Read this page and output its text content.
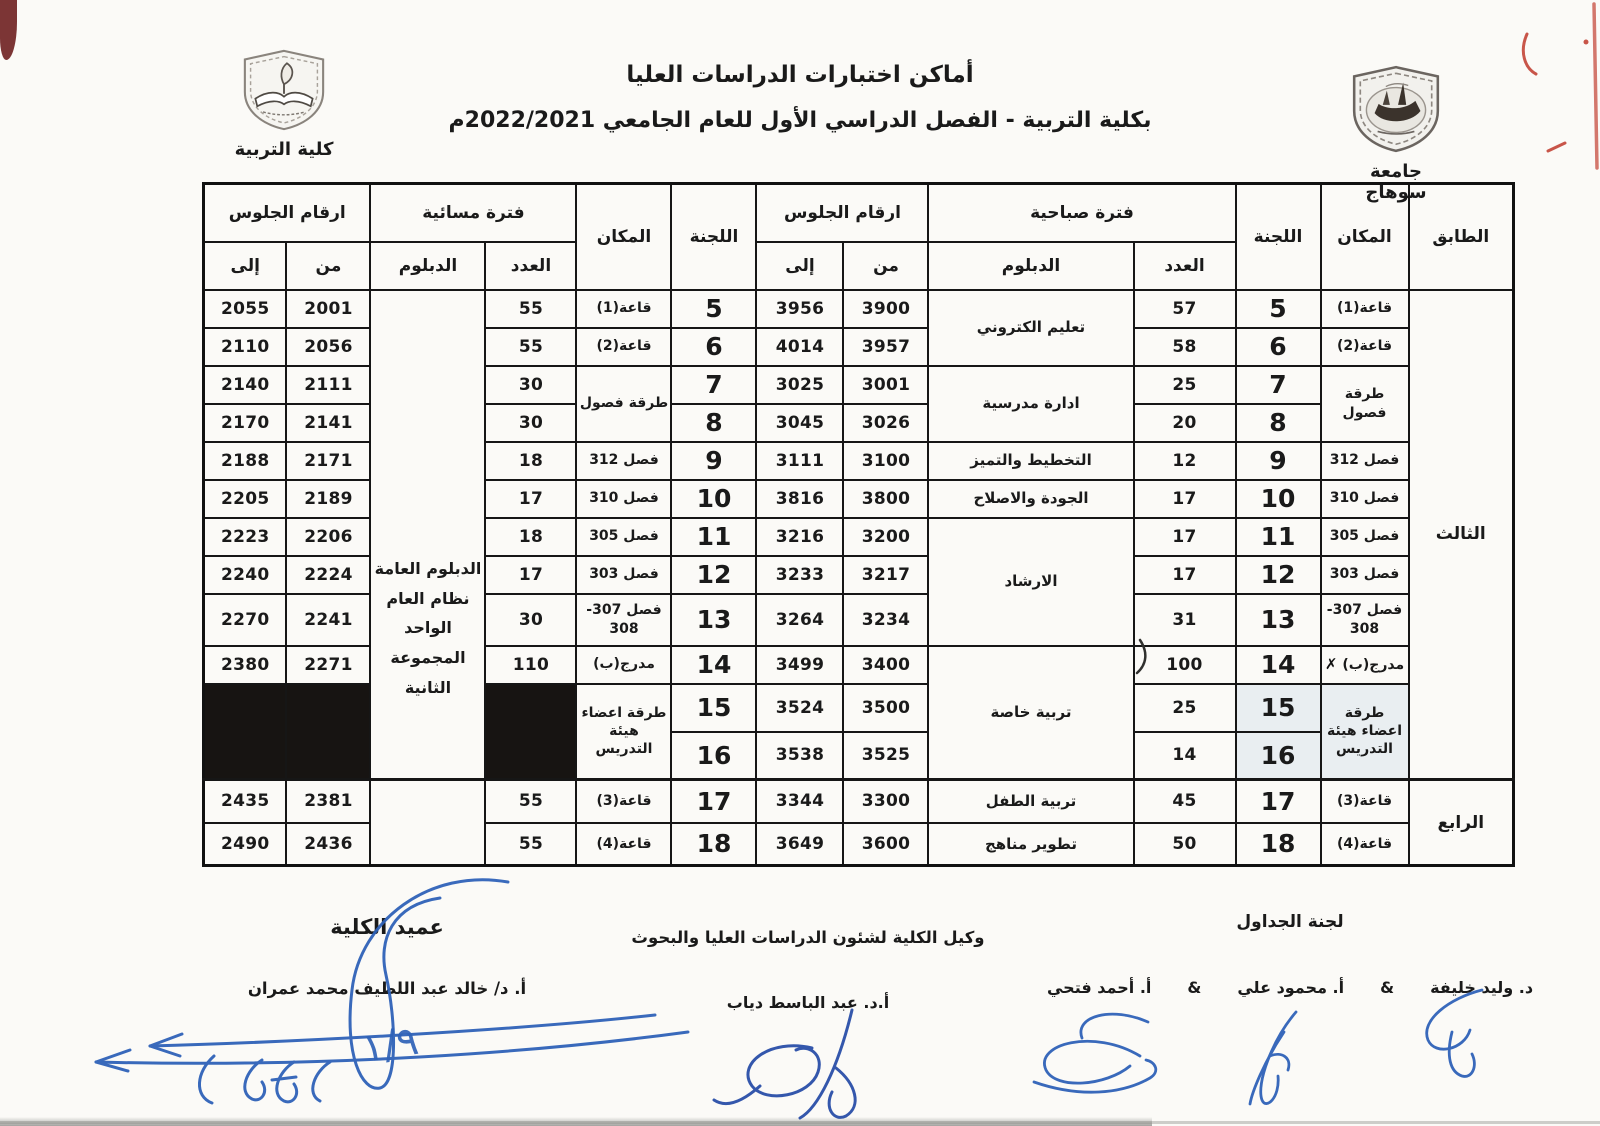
أماكن اختبارات الدراسات العليا
بكلية التربية - الفصل الدراسي الأول للعام الجامعي 2022/2021م
جامعة سوهاج
كلية التربية
الطابق	المكان	اللجنة	فترة صباحية		ارقام الجلوس		اللجنة	المكان	فترة مسائية		ارقام الجلوس	
			العدد	الدبلوم	من	إلى			العدد	الدبلوم	من	إلى
الثالث	قاعة(1)	5	57	تعليم الكتروني	3900	3956	5	قاعة(1)	55	الدبلوم العامة نظام العام الواحد المجموعة الثانية	2001	2055
	قاعة(2)	6	58		3957	4014	6	قاعة(2)	55		2056	2110
	طرقة فصول	7	25	ادارة مدرسية	3001	3025	7	طرقة فصول	30		2111	2140
		8	20		3026	3045	8		30		2141	2170
	فصل 312	9	12	التخطيط والتميز	3100	3111	9	فصل 312	18		2171	2188
	فصل 310	10	17	الجودة والاصلاح	3800	3816	10	فصل 310	17		2189	2205
	فصل 305	11	17	الارشاد	3200	3216	11	فصل 305	18		2206	2223
	فصل 303	12	17		3217	3233	12	فصل 303	17		2224	2240
	فصل 307-308	13	31		3234	3264	13	فصل 307-308	30		2241	2270
	مدرج(ب)✗	14	100	تربية خاصة	3400	3499	14	مدرج(ب)	110		2271	2380
	طرقة اعضاء هيئة التدريس	15	25		3500	3524	15	طرقة اعضاء هيئة التدريس				
		16	14		3525	3538	16					
الرابع	قاعة(3)	17	45	تربية الطفل	3300	3344	17	قاعة(3)	55		2381	2435
	قاعة(4)	18	50	تطوير مناهج	3600	3649	18	قاعة(4)	55		2436	2490
لجنة الجداول
د. وليد خليفة
&
أ. محمود علي
&
أ. أحمد فتحي
وكيل الكلية لشئون الدراسات العليا والبحوث
أ.د. عبد الباسط دياب
عميد الكلية
أ. د/ خالد عبد اللطيف محمد عمران
١/٩
